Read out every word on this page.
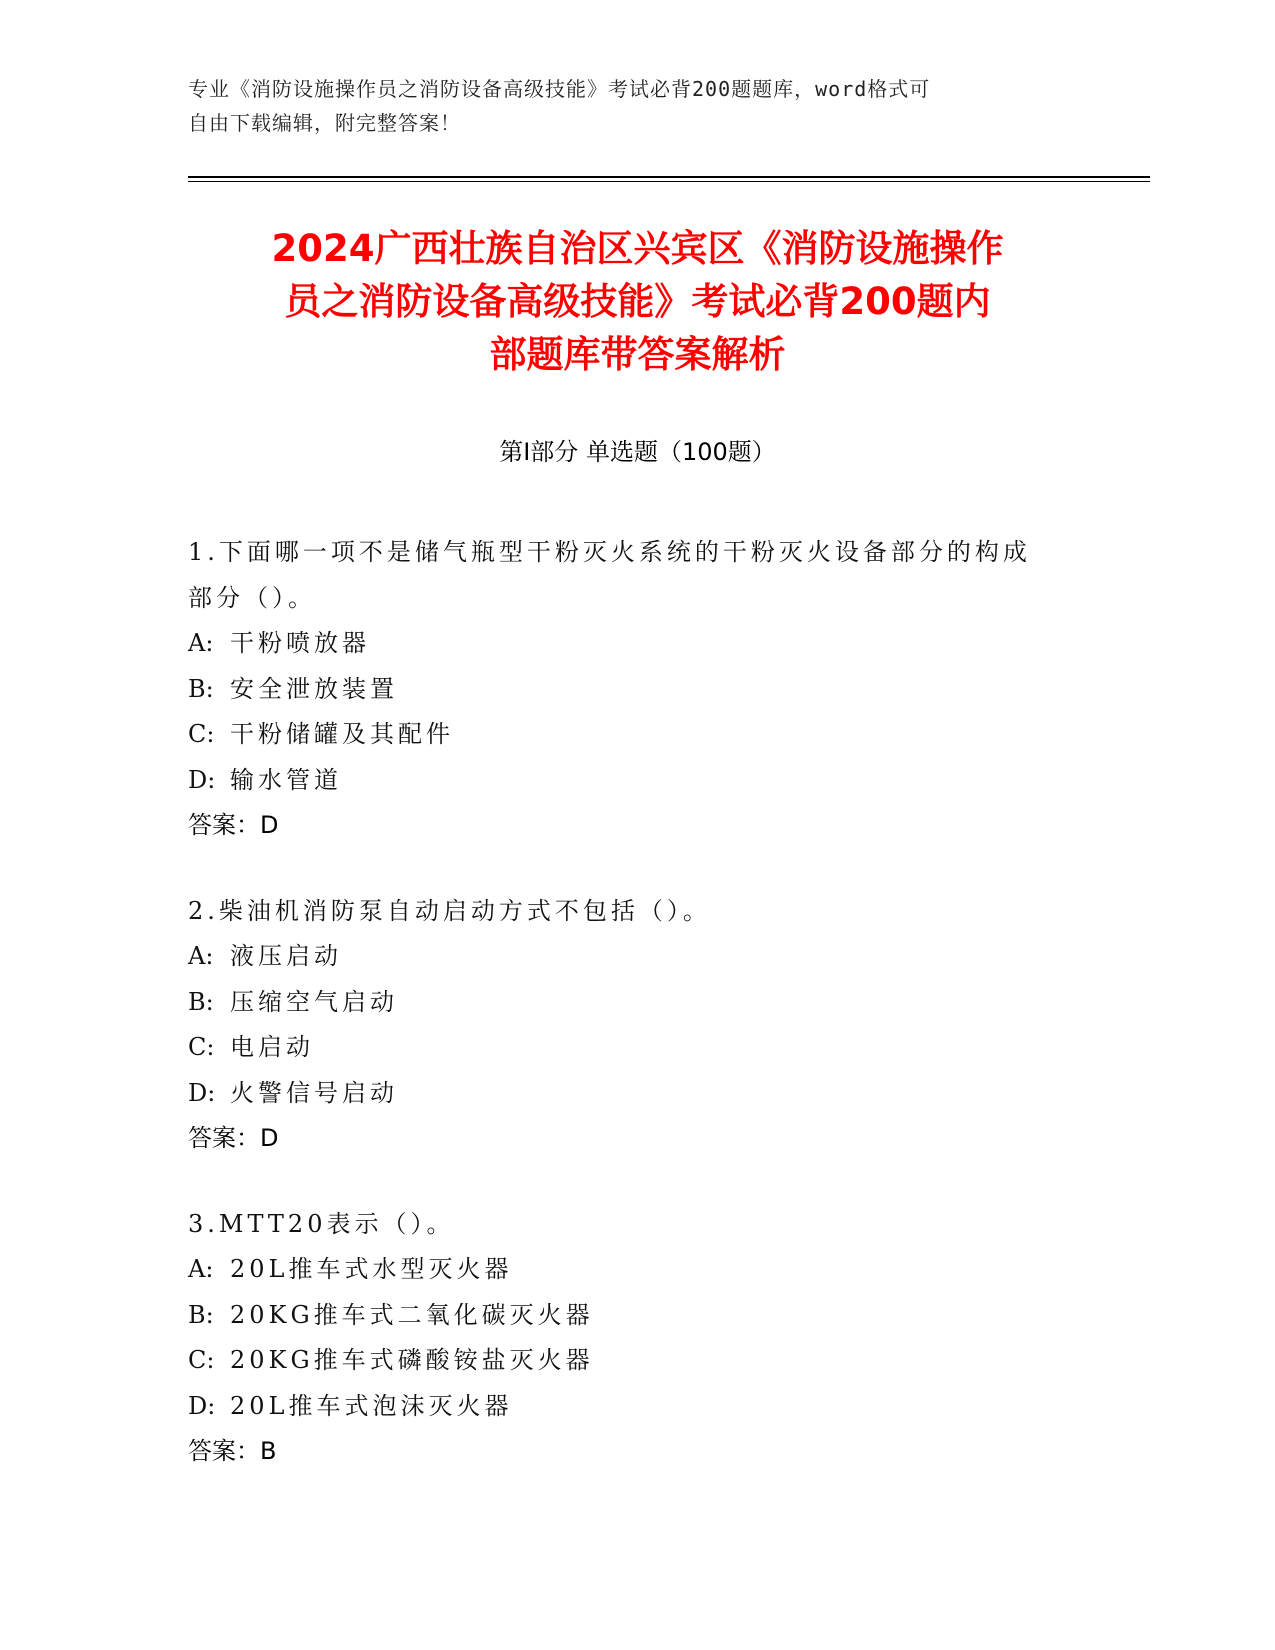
专业《消防设施操作员之消防设备高级技能》考试必背200题题库，word格式可
自由下载编辑，附完整答案！
2024广西壮族自治区兴宾区《消防设施操作
员之消防设备高级技能》考试必背200题内
部题库带答案解析
第Ⅰ部分 单选题（100题）
1.下面哪一项不是储气瓶型干粉灭火系统的干粉灭火设备部分的构成
部分（）。
A: 干粉喷放器
B: 安全泄放装置
C: 干粉储罐及其配件
D: 输水管道
答案：D
2.柴油机消防泵自动启动方式不包括（）。
A: 液压启动
B: 压缩空气启动
C: 电启动
D: 火警信号启动
答案：D
3.MTT20表示（）。
A: 20L推车式水型灭火器
B: 20KG推车式二氧化碳灭火器
C: 20KG推车式磷酸铵盐灭火器
D: 20L推车式泡沫灭火器
答案：B
